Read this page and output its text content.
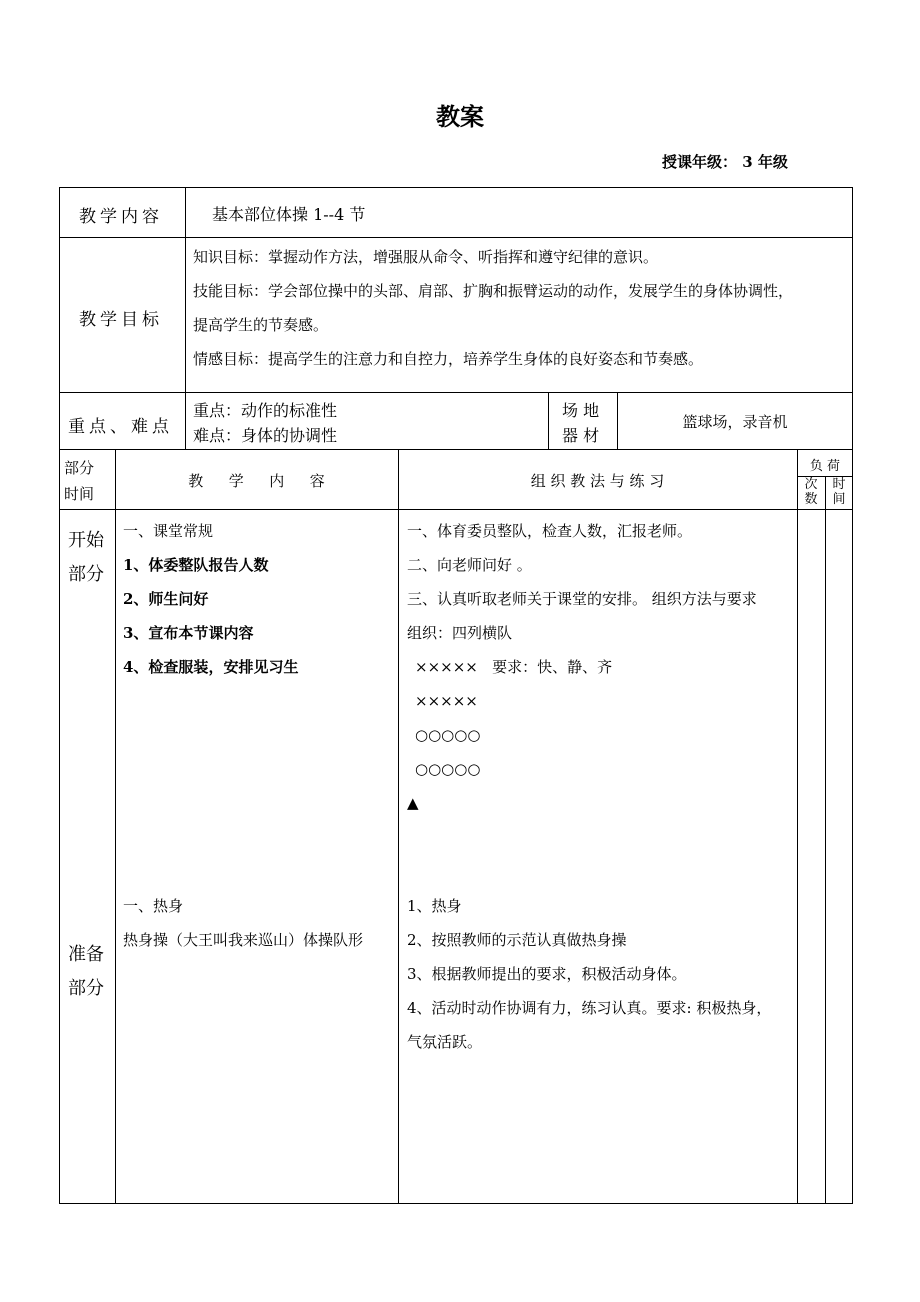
教案
授课年级： 3 年级
教学内容	基本部位体操 1--4 节
教学目标
知识目标：掌握动作方法，增强服从命令、听指挥和遵守纪律的意识。
技能目标：学会部位操中的头部、肩部、扩胸和振臂运动的动作，发展学生的身体协调性，
提高学生的节奏感。
情感目标：提高学生的注意力和自控力，培养学生身体的良好姿态和节奏感。
重点、难点
重点：动作的标准性
难点：身体的协调性
场 地
器 材
篮球场，录音机
部分
时间
教  学  内  容	组 织 教 法 与 练 习
负 荷
次
数
时
间
开始
部分
一、课堂常规
1、体委整队报告人数
2、师生问好
3、宣布本节课内容
4、检查服装，安排见习生
一、体育委员整队，检查人数，汇报老师。
二、向老师问好 。
三、认真听取老师关于课堂的安排。 组织方法与要求
组织：四列横队
××××× 要求：快、静、齐
×××××
○○○○○
○○○○○
▲
准备
部分
一、热身
热身操（大王叫我来巡山）体操队形
1、热身
2、按照教师的示范认真做热身操
3、根据教师提出的要求，积极活动身体。
4、活动时动作协调有力，练习认真。要求: 积极热身，
气氛活跃。
